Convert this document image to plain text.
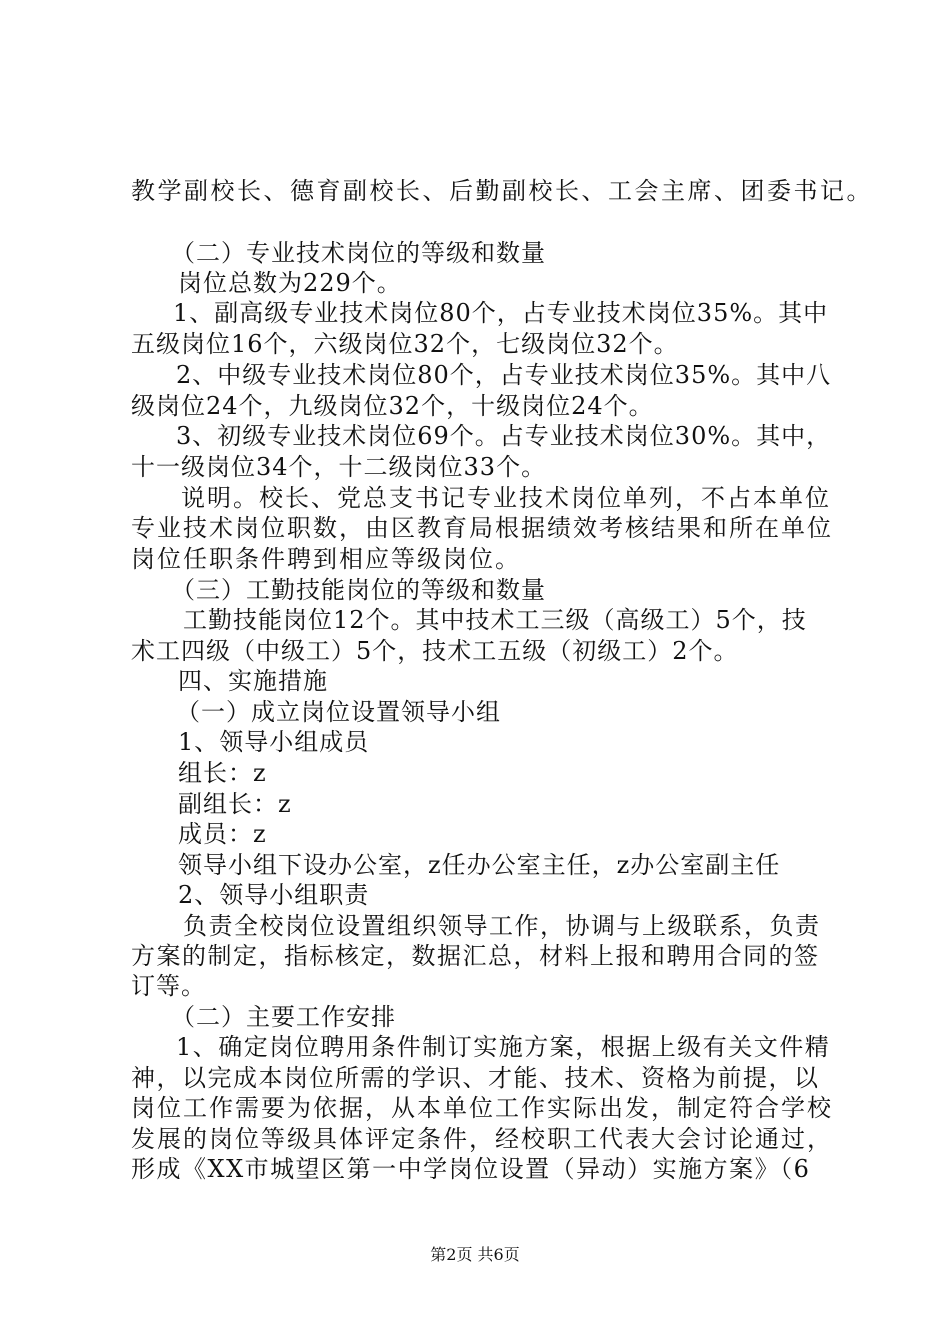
教学副校长、德育副校长、后勤副校长、工会主席、团委书记。
（二）专业技术岗位的等级和数量
岗位总数为229个。
1、副高级专业技术岗位80个，占专业技术岗位35%。其中
五级岗位16个，六级岗位32个，七级岗位32个。
2、中级专业技术岗位80个，占专业技术岗位35%。其中八
级岗位24个，九级岗位32个，十级岗位24个。
3、初级专业技术岗位69个。占专业技术岗位30%。其中，
十一级岗位34个，十二级岗位33个。
说明。校长、党总支书记专业技术岗位单列，不占本单位
专业技术岗位职数，由区教育局根据绩效考核结果和所在单位
岗位任职条件聘到相应等级岗位。
（三）工勤技能岗位的等级和数量
工勤技能岗位12个。其中技术工三级（高级工）5个，技
术工四级（中级工）5个，技术工五级（初级工）2个。
四、实施措施
（一）成立岗位设置领导小组
1、领导小组成员
组长：z
副组长：z
成员：z
领导小组下设办公室，z任办公室主任，z办公室副主任
2、领导小组职责
负责全校岗位设置组织领导工作，协调与上级联系，负责
方案的制定，指标核定，数据汇总，材料上报和聘用合同的签
订等。
（二）主要工作安排
1、确定岗位聘用条件制订实施方案，根据上级有关文件精
神，以完成本岗位所需的学识、才能、技术、资格为前提，以
岗位工作需要为依据，从本单位工作实际出发，制定符合学校
发展的岗位等级具体评定条件，经校职工代表大会讨论通过，
形成《XX市城望区第一中学岗位设置（异动）实施方案》（6
第2页 共6页
